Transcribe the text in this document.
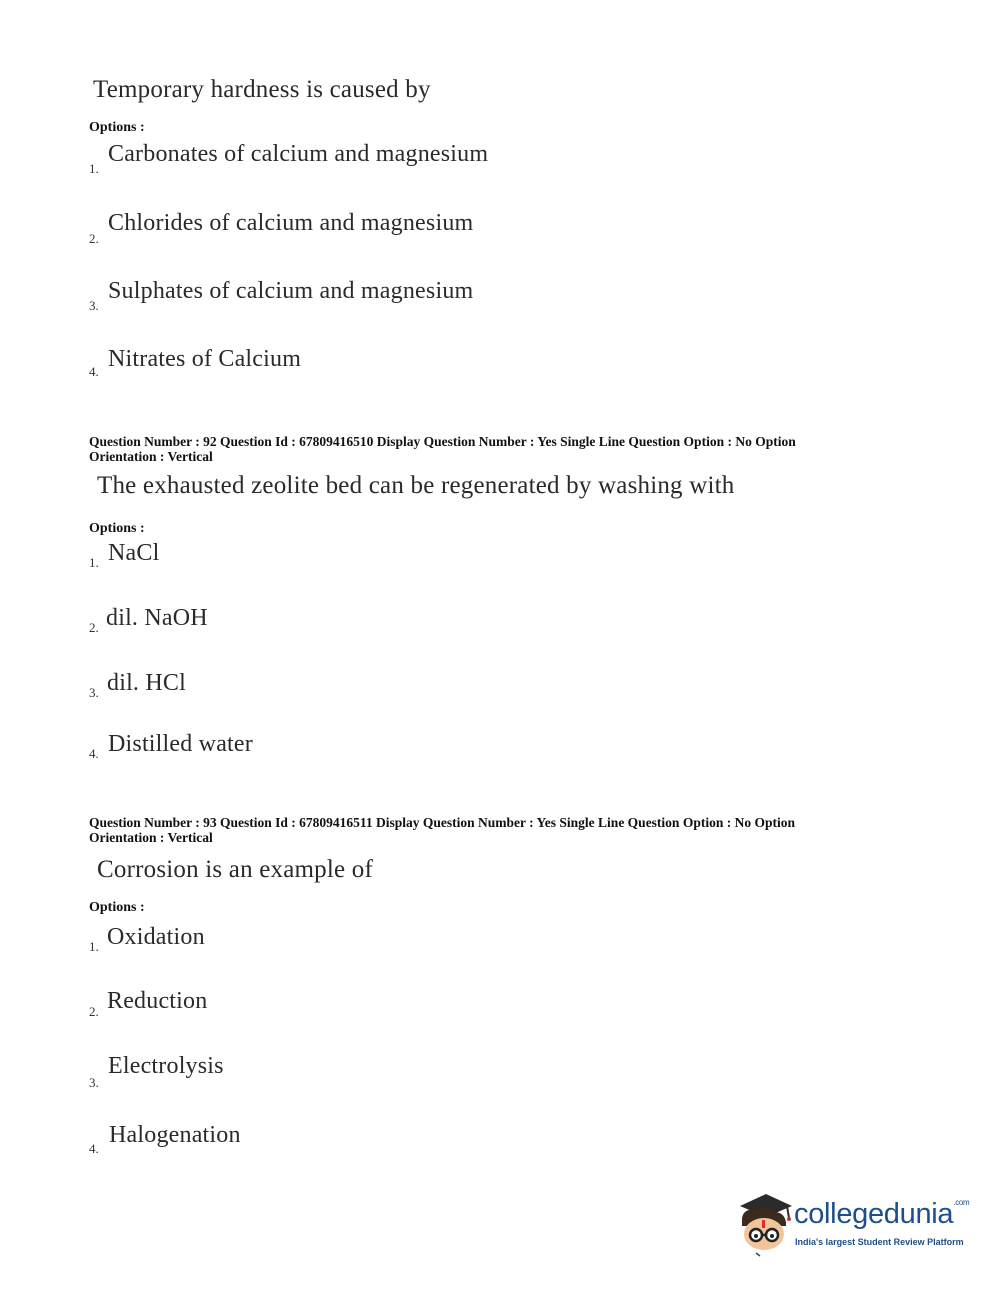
Temporary hardness is caused by
Options :
1.
Carbonates of calcium and magnesium
2.
Chlorides of calcium and magnesium
3.
Sulphates of calcium and magnesium
4. Nitrates of Calcium
Question Number : 92 Question Id : 67809416510 Display Question Number : Yes Single Line Question Option : No Option
Orientation : Vertical
The exhausted zeolite bed can be regenerated by washing with
Options :
1. NaCl
2. dil. NaOH
3. dil. HCl
4. Distilled water
Question Number : 93 Question Id : 67809416511 Display Question Number : Yes Single Line Question Option : No Option
Orientation : Vertical
Corrosion is an example of
Options :
1. Oxidation
2. Reduction
3.
Electrolysis
4.
Halogenation
collegedunia$^{.com}$
India's largest Student Review Platform
